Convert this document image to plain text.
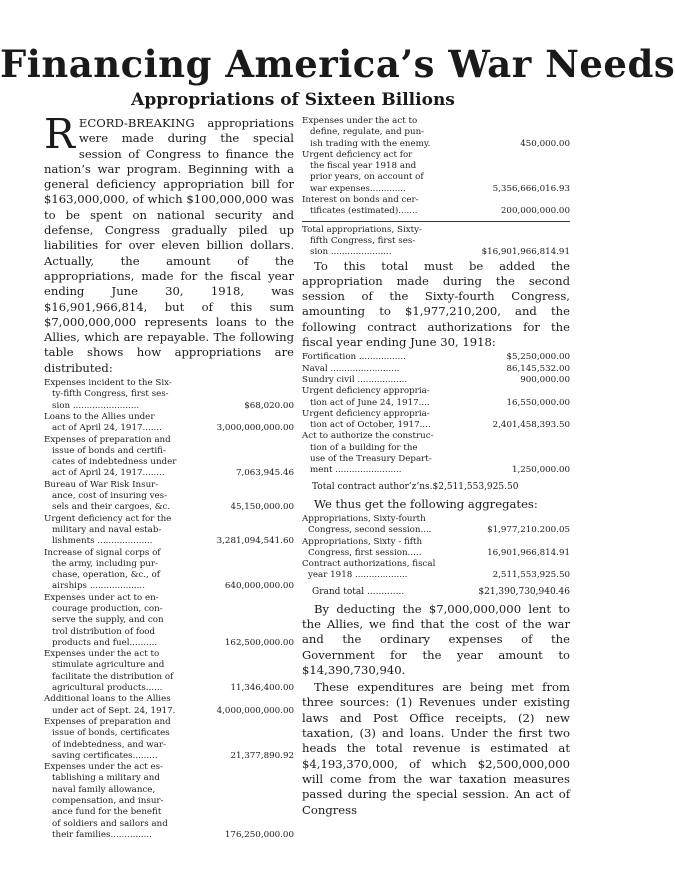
Financing America’s War Needs
Appropriations of Sixteen Billions

RECORD-BREAKING appropriations were made during the special session of Congress to finance the nation’s war program. Beginning with a general deficiency appropriation bill for $163,000,000, of which $100,000,000 was to be spent on national security and defense, Congress gradually piled up liabilities for over eleven billion dollars. Actually, the amount of the appropriations, made for the fiscal year ending June 30, 1918, was $16,901,966,814, but of this sum $7,000,000,000 represents loans to the Allies, which are repayable. The following table shows how appropriations are distributed:

Expenses incident to the Six-
ty-fifth Congress, first ses-
sion ........................	$68,020.00
Loans to the Allies under
act of April 24, 1917.......	3,000,000,000.00
Expenses of preparation and
issue of bonds and certifi-
cates of indebtedness under
act of April 24, 1917........	7,063,945.46
Bureau of War Risk Insur-
ance, cost of insuring ves-
sels and their cargoes, &c.	45,150,000.00
Urgent deficiency act for the
military and naval estab-
lishments ....................	3,281,094,541.60
Increase of signal corps of
the army, including pur-
chase, operation, &c., of
airships ....................	640,000,000.00
Expenses under act to en-
courage production, con-
serve the supply, and con
trol distribution of food
products and fuel..........	162,500,000.00
Expenses under the act to
stimulate agriculture and
facilitate the distribution of
agricultural products......	11,346,400.00
Additional loans to the Allies
under act of Sept. 24, 1917.	4,000,000,000.00
Expenses of preparation and
issue of bonds, certificates
of indebtedness, and war-
saving certificates.........	21,377,890.92
Expenses under the act es-
tablishing a military and
naval family allowance,
compensation, and insur-
ance fund for the benefit
of soldiers and sailors and
their families...............	176,250,000.00
Expenses under the act to
define, regulate, and pun-
ish trading with the enemy.	450,000.00
Urgent deficiency act for
the fiscal year 1918 and
prior years, on account of
war expenses.............	5,356,666,016.93
Interest on bonds and cer-
tificates (estimated).......	200,000,000.00
Total appropriations, Sixty-
fifth Congress, first ses-
sion ......................	$16,901,966,814.91

To this total must be added the appropriation made during the second session of the Sixty-fourth Congress, amounting to $1,977,210,200, and the following contract authorizations for the fiscal year ending June 30, 1918:

Fortification .................	$5,250,000.00
Naval .........................	86,145,532.00
Sundry civil ..................	900,000.00
Urgent deficiency appropria-
tion act of June 24, 1917....	16,550,000.00
Urgent deficiency appropria-
tion act of October, 1917....	2,401,458,393.50
Act to authorize the construc-
tion of a building for the
use of the Treasury Depart-
ment ........................	1,250,000.00
Total contract author’z’ns.$2,511,553,925.50

We thus get the following aggregates:

Appropriations, Sixty-fourth
Congress, second session....	$1,977,210.200.05
Appropriations, Sixty - fifth
Congress, first session.....	16,901,966,814.91
Contract authorizations, fiscal
year 1918 ...................	2,511,553,925.50
Grand total .............	$21,390,730,940.46

By deducting the $7,000,000,000 lent to the Allies, we find that the cost of the war and the ordinary expenses of the Government for the year amount to $14,390,730,940.

These expenditures are being met from three sources: (1) Revenues under existing laws and Post Office receipts, (2) new taxation, (3) and loans. Under the first two heads the total revenue is estimated at $4,193,370,000, of which $2,500,000,000 will come from the war taxation measures passed during the special session. An act of Congress
